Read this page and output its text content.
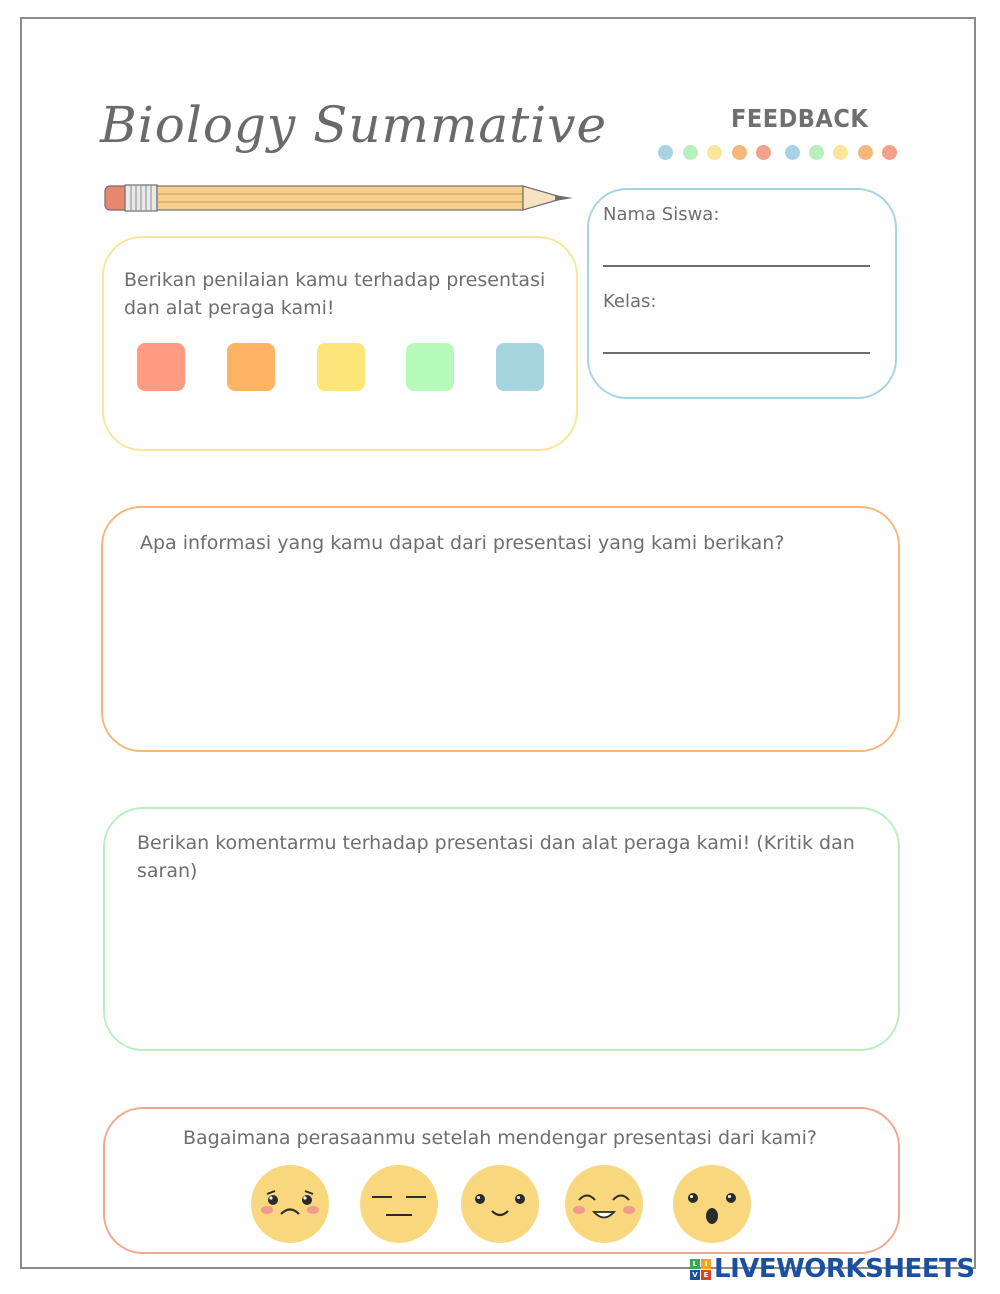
Biology Summative	FEEDBACK
Berikan penilaian kamu terhadap presentasi dan alat peraga kami!
Nama Siswa:
Kelas:
Apa informasi yang kamu dapat dari presentasi yang kami berikan?
Berikan komentarmu terhadap presentasi dan alat peraga kami! (Kritik dan saran)
Bagaimana perasaanmu setelah mendengar presentasi dari kami?
L	I
V E LIVEWORKSHEETS
